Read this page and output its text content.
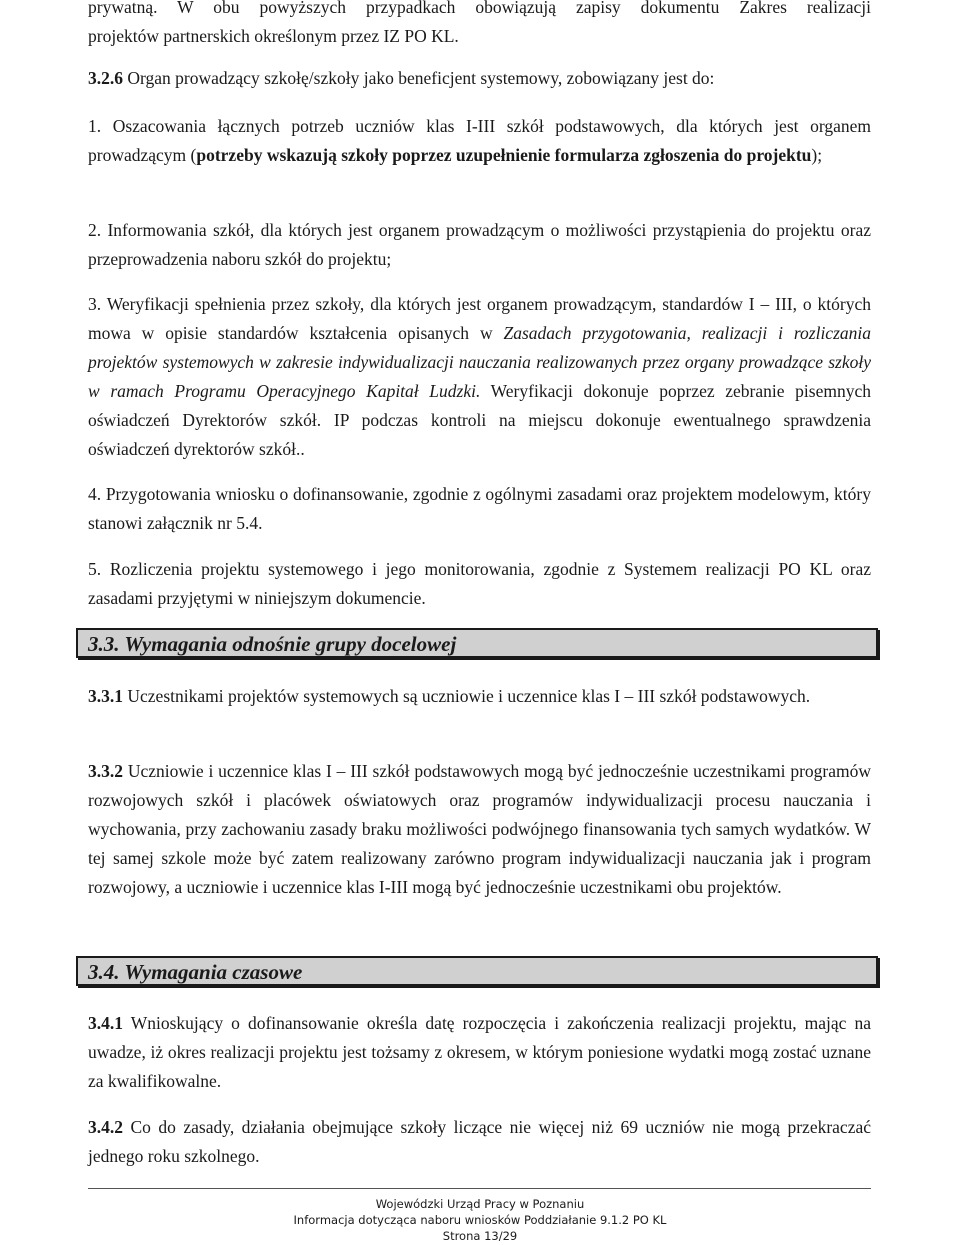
prywatną. W obu powyższych przypadkach obowiązują zapisy dokumentu Zakres realizacji
projektów partnerskich określonym przez IZ PO KL.
3.2.6 Organ prowadzący szkołę/szkoły jako beneficjent systemowy, zobowiązany jest do:
1. Oszacowania łącznych potrzeb uczniów klas I-III szkół podstawowych, dla których jest organem prowadzącym (potrzeby wskazują szkoły poprzez uzupełnienie formularza zgłoszenia do projektu);
2. Informowania szkół, dla których jest organem prowadzącym o możliwości przystąpienia do projektu oraz przeprowadzenia naboru szkół do projektu;
3. Weryfikacji spełnienia przez szkoły, dla których jest organem prowadzącym, standardów I – III, o których mowa w opisie standardów kształcenia opisanych w Zasadach przygotowania, realizacji i rozliczania projektów systemowych w zakresie indywidualizacji nauczania realizowanych przez organy prowadzące szkoły w ramach Programu Operacyjnego Kapitał Ludzki. Weryfikacji dokonuje poprzez zebranie pisemnych oświadczeń Dyrektorów szkół. IP podczas kontroli na miejscu dokonuje ewentualnego sprawdzenia oświadczeń dyrektorów szkół..
4. Przygotowania wniosku o dofinansowanie, zgodnie z ogólnymi zasadami oraz projektem modelowym, który stanowi załącznik nr 5.4.
5. Rozliczenia projektu systemowego i jego monitorowania, zgodnie z Systemem realizacji PO KL oraz zasadami przyjętymi w niniejszym dokumencie.
3.3. Wymagania odnośnie grupy docelowej
3.3.1 Uczestnikami projektów systemowych są uczniowie i uczennice klas I – III szkół podstawowych.
3.3.2 Uczniowie i uczennice klas I – III szkół podstawowych mogą być jednocześnie uczestnikami programów rozwojowych szkół i placówek oświatowych oraz programów indywidualizacji procesu nauczania i wychowania, przy zachowaniu zasady braku możliwości podwójnego finansowania tych samych wydatków. W tej samej szkole może być zatem realizowany zarówno program indywidualizacji nauczania jak i program rozwojowy, a uczniowie i uczennice klas I-III mogą być jednocześnie uczestnikami obu projektów.
3.4. Wymagania czasowe
3.4.1 Wnioskujący o dofinansowanie określa datę rozpoczęcia i zakończenia realizacji projektu, mając na uwadze, iż okres realizacji projektu jest tożsamy z okresem, w którym poniesione wydatki mogą zostać uznane za kwalifikowalne.
3.4.2 Co do zasady, działania obejmujące szkoły liczące nie więcej niż 69 uczniów nie mogą przekraczać jednego roku szkolnego.
Wojewódzki Urząd Pracy w Poznaniu
Informacja dotycząca naboru wniosków Poddziałanie 9.1.2 PO KL
Strona 13/29
